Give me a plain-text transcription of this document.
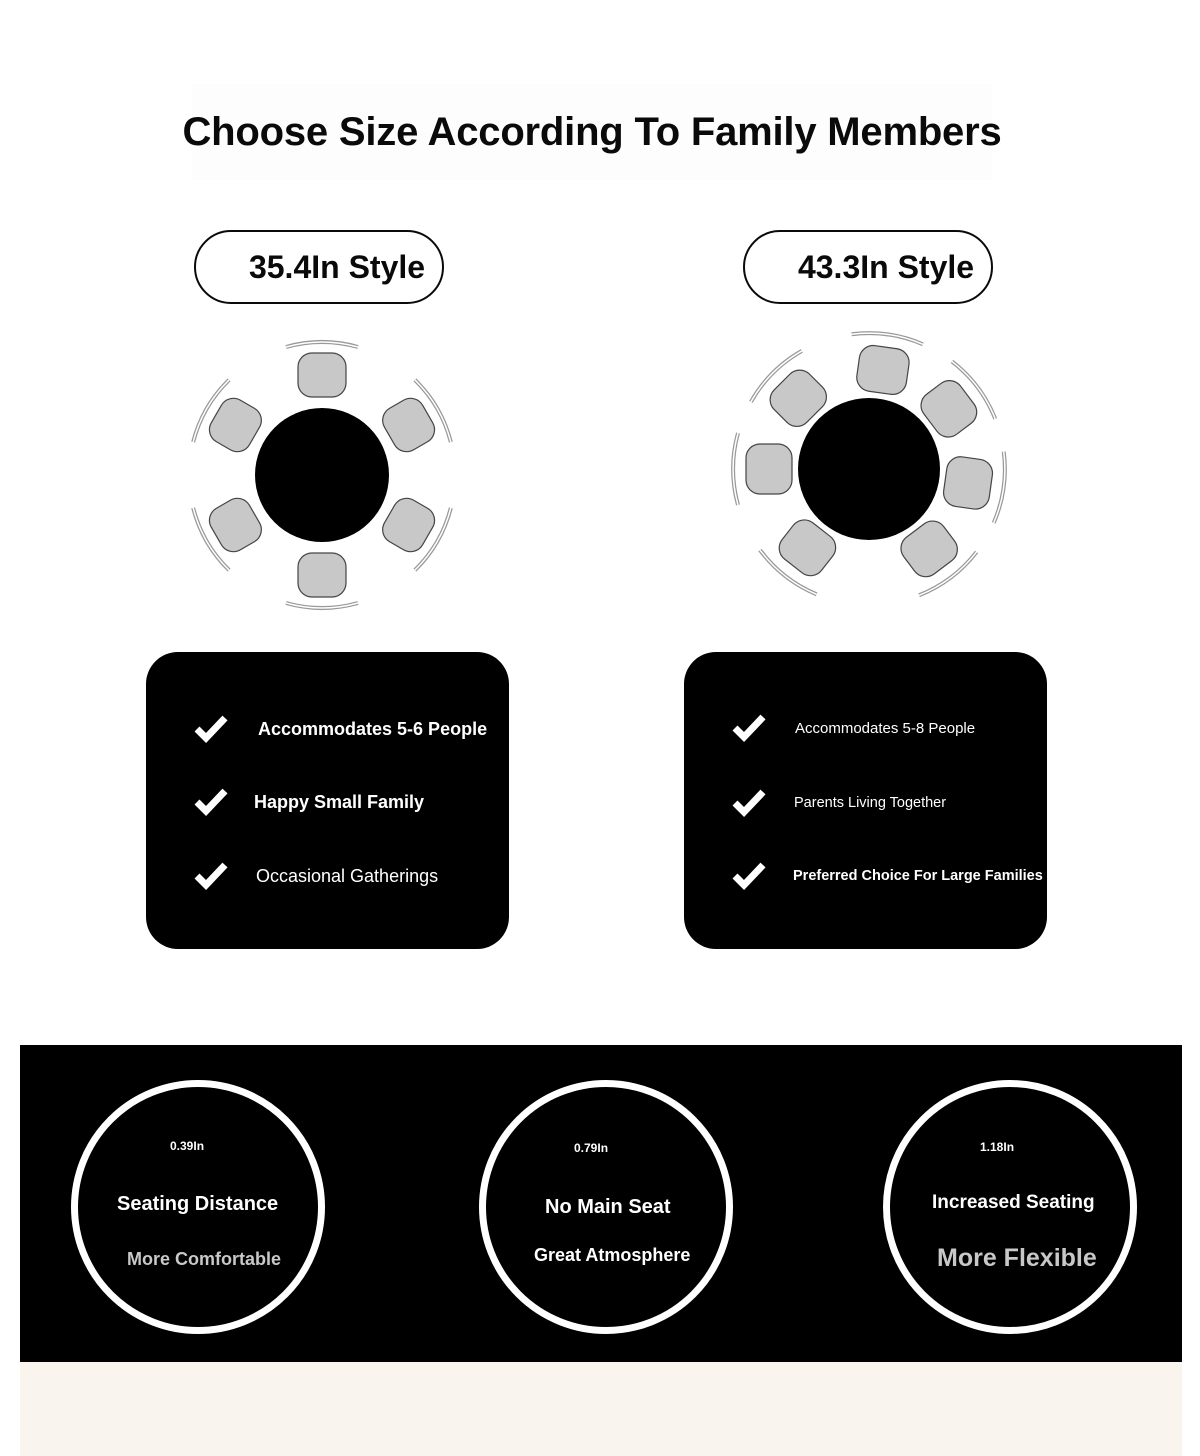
Choose Size According To Family Members
35.4In Style	43.3In Style
Accommodates 5-6 People
Happy Small Family
Occasional Gatherings
Accommodates 5-8 People
Parents Living Together
Preferred Choice For Large Families
0.39In
Seating Distance
More Comfortable
0.79In
No Main Seat
Great Atmosphere
1.18In
Increased Seating
More Flexible
